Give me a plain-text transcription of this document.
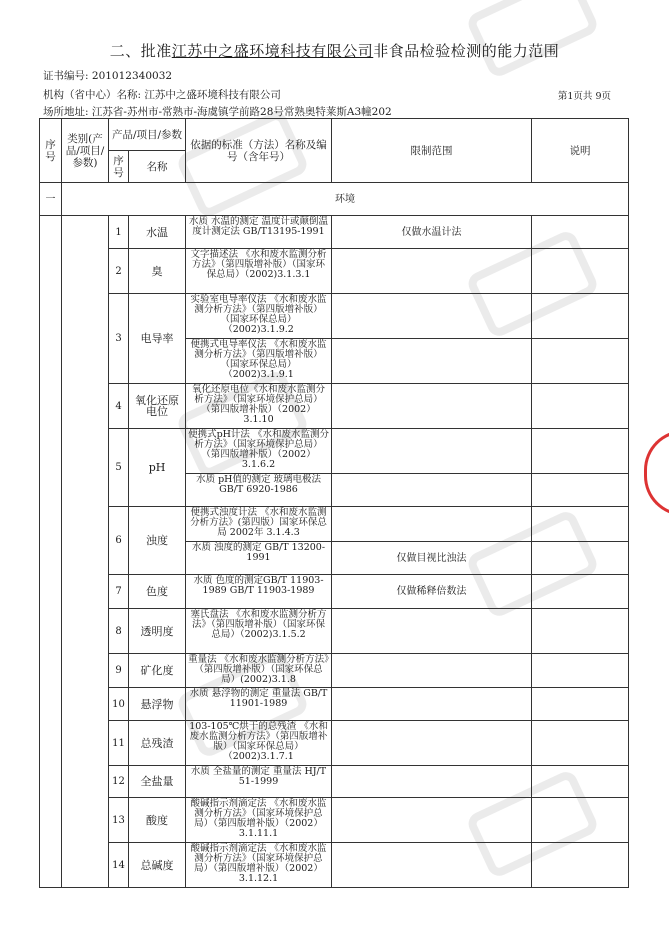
二、批准江苏中之盛环境科技有限公司非食品检验检测的能力范围
证书编号: 201012340032
机构（省中心）名称: 江苏中之盛环境科技有限公司	第1页共 9页
场所地址: 江苏省-苏州市-常熟市-海虞镇学前路28号常熟奥特莱斯A3幢202
序号	类别(产品/项目/参数)	产品/项目/参数		依据的标准（方法）名称及编号（含年号）	限制范围	说明
		序号	名称			
一	环境					
		1	水温	水质 水温的测定 温度计或颠倒温度计测定法 GB/T13195-1991	仅做水温计法	
		2	臭	文字描述法 《水和废水监测分析方法》（第四版增补版）（国家环保总局）（2002)3.1.3.1		
		3	电导率	实验室电导率仪法 《水和废水监测分析方法》（第四版增补版）（国家环保总局）（2002)3.1.9.2		
				便携式电导率仪法 《水和废水监测分析方法》（第四版增补版）（国家环保总局）（2002)3.1.9.1		
		4	氧化还原电位	氧化还原电位《水和废水监测分析方法》（国家环境保护总局）（第四版增补版）（2002） 3.1.10		
		5	pH	便携式pH计法 《水和废水监测分析方法》（国家环境保护总局）（第四版增补版）（2002） 3.1.6.2		
				水质 pH值的测定 玻璃电极法 GB/T 6920-1986		
		6	浊度	便携式浊度计法 《水和废水监测分析方法》(第四版）国家环保总局 2002年 3.1.4.3		
				水质 浊度的测定 GB/T 13200-1991	仅做目视比浊法	
		7	色度	水质 色度的测定GB/T 11903-1989 GB/T 11903-1989	仅做稀释倍数法	
		8	透明度	塞氏盘法 《水和废水监测分析方法》（第四版增补版）（国家环保总局）（2002)3.1.5.2		
		9	矿化度	重量法 《水和废水监测分析方法》（第四版增补版）（国家环保总局）(2002)3.1.8		
		10	悬浮物	水质 悬浮物的测定 重量法 GB/T 11901-1989		
		11	总残渣	103-105℃烘干的总残渣 《水和废水监测分析方法》（第四版增补版）（国家环保总局）（2002)3.1.7.1		
		12	全盐量	水质 全盐量的测定 重量法 HJ/T 51-1999		
		13	酸度	酸碱指示剂滴定法 《水和废水监测分析方法》（国家环境保护总局）（第四版增补版）（2002） 3.1.11.1		
		14	总碱度	酸碱指示剂滴定法 《水和废水监测分析方法》（国家环境保护总局）（第四版增补版）（2002） 3.1.12.1		
